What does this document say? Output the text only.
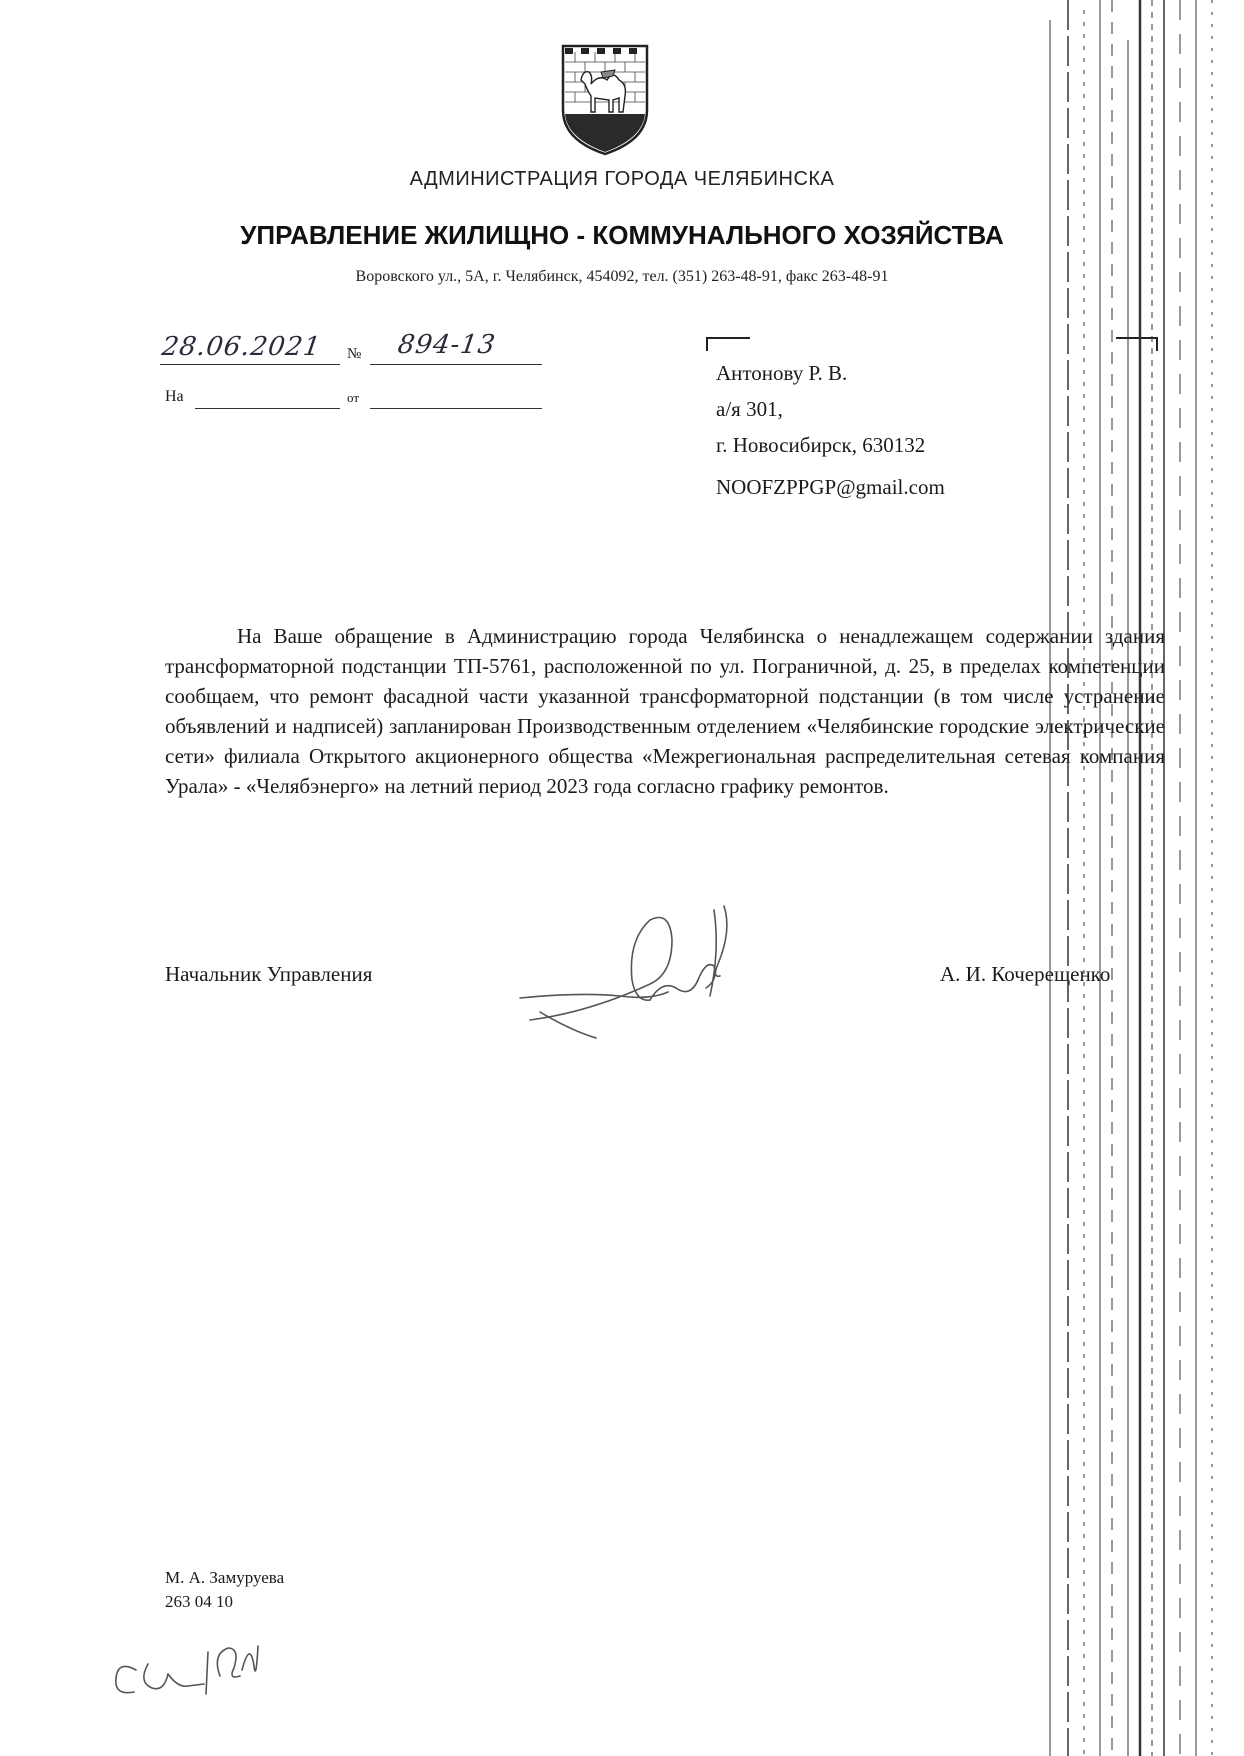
АДМИНИСТРАЦИЯ ГОРОДА ЧЕЛЯБИНСКА
УПРАВЛЕНИЕ ЖИЛИЩНО - КОММУНАЛЬНОГО ХОЗЯЙСТВА
Воровского ул., 5А, г. Челябинск, 454092, тел. (351) 263-48-91, факс 263-48-91
28.06.2021 № 894-13
На	от
Антонову Р. В.
а/я 301,
г. Новосибирск, 630132
NOOFZPPGP@gmail.com
На Ваше обращение в Администрацию города Челябинска о ненадлежащем содержании здания трансформаторной подстанции ТП-5761, расположенной по ул. Пограничной, д. 25, в пределах компетенции сообщаем, что ремонт фасадной части указанной трансформаторной подстанции (в том числе устранение объявлений и надписей) запланирован Производственным отделением «Челябинские городские электрические сети» филиала Открытого акционерного общества «Межрегиональная распределительная сетевая компания Урала» - «Челябэнерго» на летний период 2023 года согласно графику ремонтов.
Начальник Управления	А. И. Кочерещенко
М. А. Замуруева
263 04 10
